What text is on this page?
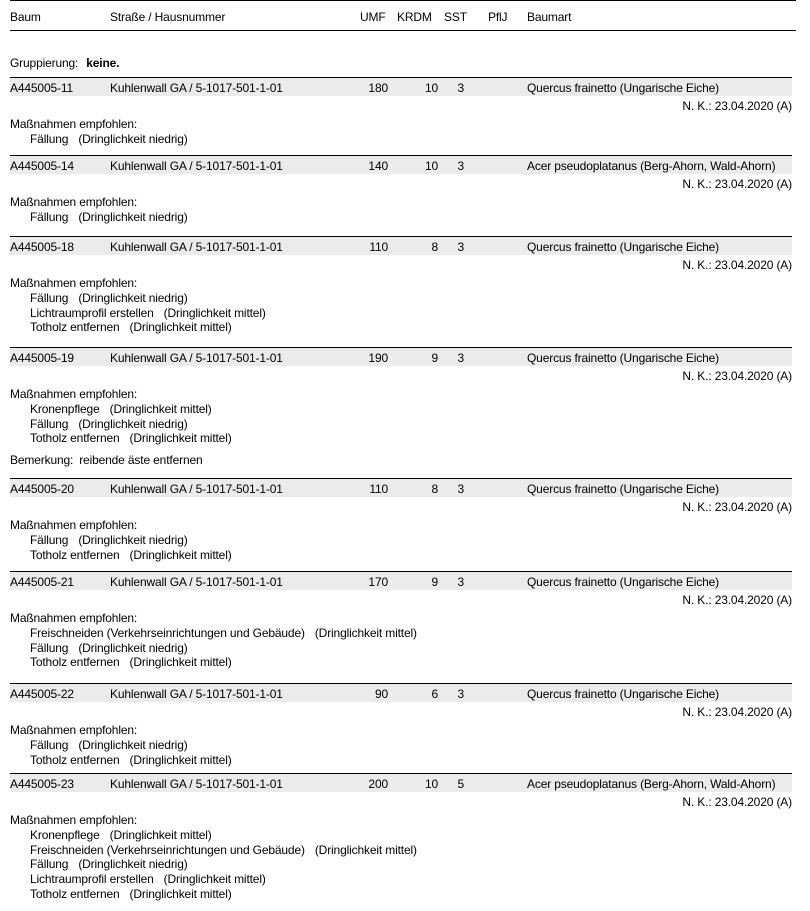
Baum	Straße / Hausnummer	UMF KRDM SST PflJ Baumart
Gruppierung: keine.
A445005-11	Kuhlenwall GA / 5-1017-501-1-01	180	10	3	Quercus frainetto (Ungarische Eiche)
N. K.: 23.04.2020 (A)
Maßnahmen empfohlen:
Fällung (Dringlichkeit niedrig)
A445005-14	Kuhlenwall GA / 5-1017-501-1-01	140	10	3	Acer pseudoplatanus (Berg-Ahorn, Wald-Ahorn)
N. K.: 23.04.2020 (A)
Maßnahmen empfohlen:
Fällung (Dringlichkeit niedrig)
A445005-18	Kuhlenwall GA / 5-1017-501-1-01	110	8	3	Quercus frainetto (Ungarische Eiche)
N. K.: 23.04.2020 (A)
Maßnahmen empfohlen:
Fällung (Dringlichkeit niedrig)
Lichtraumprofil erstellen (Dringlichkeit mittel)
Totholz entfernen (Dringlichkeit mittel)
A445005-19	Kuhlenwall GA / 5-1017-501-1-01	190	9	3	Quercus frainetto (Ungarische Eiche)
N. K.: 23.04.2020 (A)
Maßnahmen empfohlen:
Kronenpflege (Dringlichkeit mittel)
Fällung (Dringlichkeit niedrig)
Totholz entfernen (Dringlichkeit mittel)
Bemerkung: reibende äste entfernen
A445005-20	Kuhlenwall GA / 5-1017-501-1-01	110	8	3	Quercus frainetto (Ungarische Eiche)
N. K.: 23.04.2020 (A)
Maßnahmen empfohlen:
Fällung (Dringlichkeit niedrig)
Totholz entfernen (Dringlichkeit mittel)
A445005-21	Kuhlenwall GA / 5-1017-501-1-01	170	9	3	Quercus frainetto (Ungarische Eiche)
N. K.: 23.04.2020 (A)
Maßnahmen empfohlen:
Freischneiden (Verkehrseinrichtungen und Gebäude) (Dringlichkeit mittel)
Fällung (Dringlichkeit niedrig)
Totholz entfernen (Dringlichkeit mittel)
A445005-22	Kuhlenwall GA / 5-1017-501-1-01	90	6	3	Quercus frainetto (Ungarische Eiche)
N. K.: 23.04.2020 (A)
Maßnahmen empfohlen:
Fällung (Dringlichkeit niedrig)
Totholz entfernen (Dringlichkeit mittel)
A445005-23	Kuhlenwall GA / 5-1017-501-1-01	200	10	5	Acer pseudoplatanus (Berg-Ahorn, Wald-Ahorn)
N. K.: 23.04.2020 (A)
Maßnahmen empfohlen:
Kronenpflege (Dringlichkeit mittel)
Freischneiden (Verkehrseinrichtungen und Gebäude) (Dringlichkeit mittel)
Fällung (Dringlichkeit niedrig)
Lichtraumprofil erstellen (Dringlichkeit mittel)
Totholz entfernen (Dringlichkeit mittel)
